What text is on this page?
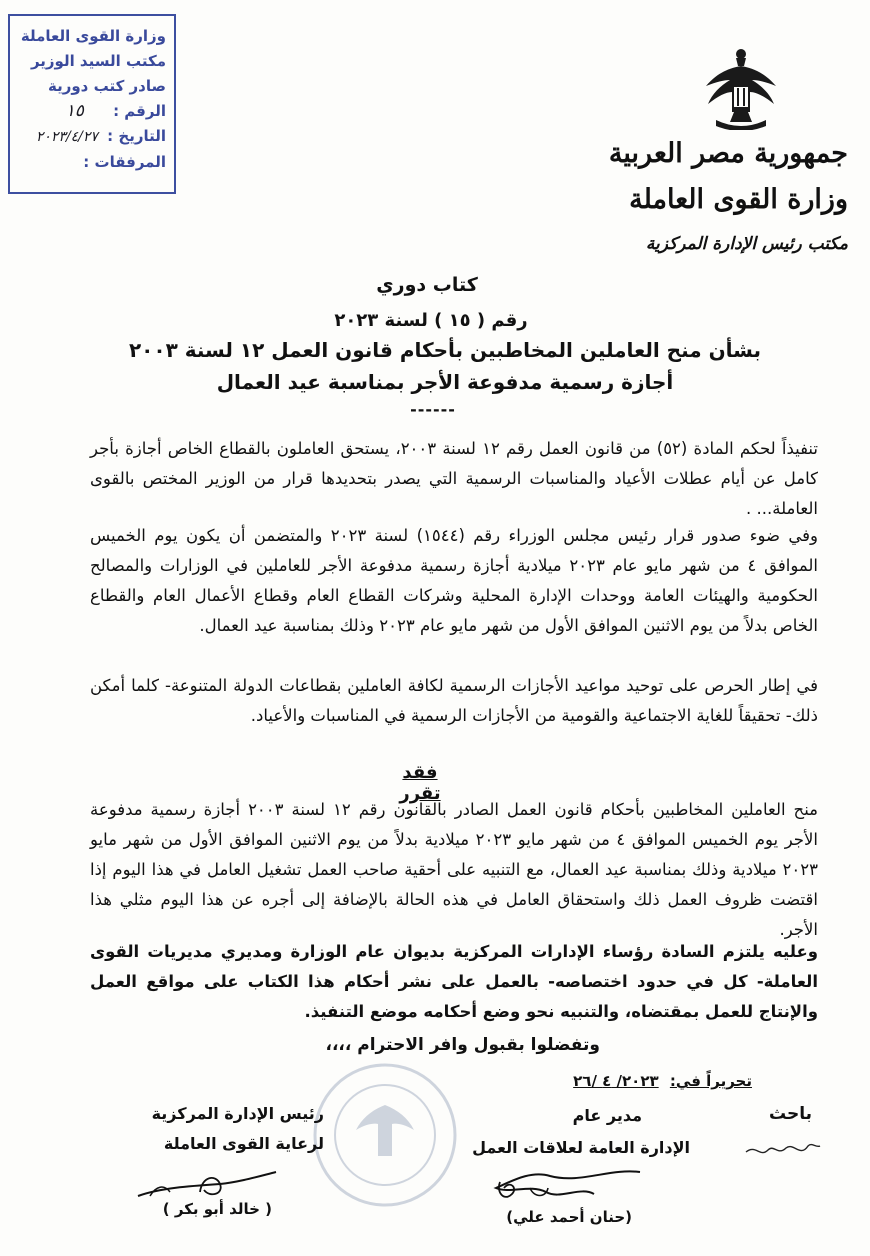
وزارة القوى العاملة
مكتب السيد الوزير
صادر كتب دورية
الرقم : ١٥
التاريخ : ٢٠٢٣/٤/٢٧
المرفقات :	جمهورية مصر العربية
وزارة القوى العاملة
مكتب رئيس الإدارة المركزية
كتاب دوري
رقم ( ١٥ ) لسنة ٢٠٢٣
بشأن منح العاملين المخاطبين بأحكام قانون العمل ١٢ لسنة ٢٠٠٣
أجازة رسمية مدفوعة الأجر بمناسبة عيد العمال
------
تنفيذاً لحكم المادة (٥٢) من قانون العمل رقم ١٢ لسنة ٢٠٠٣، يستحق العاملون بالقطاع الخاص أجازة بأجر كامل عن أيام عطلات الأعياد والمناسبات الرسمية التي يصدر بتحديدها قرار من الوزير المختص بالقوى العاملة... .
وفي ضوء صدور قرار رئيس مجلس الوزراء رقم (١٥٤٤) لسنة ٢٠٢٣ والمتضمن أن يكون يوم الخميس الموافق ٤ من شهر مايو عام ٢٠٢٣ ميلادية أجازة رسمية مدفوعة الأجر للعاملين في الوزارات والمصالح الحكومية والهيئات العامة ووحدات الإدارة المحلية وشركات القطاع العام وقطاع الأعمال العام والقطاع الخاص بدلاً من يوم الاثنين الموافق الأول من شهر مايو عام ٢٠٢٣ وذلك بمناسبة عيد العمال.
في إطار الحرص على توحيد مواعيد الأجازات الرسمية لكافة العاملين بقطاعات الدولة المتنوعة- كلما أمكن ذلك- تحقيقاً للغاية الاجتماعية والقومية من الأجازات الرسمية في المناسبات والأعياد.
فقد تقرر
منح العاملين المخاطبين بأحكام قانون العمل الصادر بالقانون رقم ١٢ لسنة ٢٠٠٣ أجازة رسمية مدفوعة الأجر يوم الخميس الموافق ٤ من شهر مايو ٢٠٢٣ ميلادية بدلاً من يوم الاثنين الموافق الأول من شهر مايو ٢٠٢٣ ميلادية وذلك بمناسبة عيد العمال، مع التنبيه على أحقية صاحب العمل تشغيل العامل في هذا اليوم إذا اقتضت ظروف العمل ذلك واستحقاق العامل في هذه الحالة بالإضافة إلى أجره عن هذا اليوم مثلي هذا الأجر.
وعليه يلتزم السادة رؤساء الإدارات المركزية بديوان عام الوزارة ومديري مديريات القوى العاملة- كل في حدود اختصاصه- بالعمل على نشر أحكام هذا الكتاب على مواقع العمل والإنتاج للعمل بمقتضاه، والتنبيه نحو وضع أحكامه موضع التنفيذ.
وتفضلوا بقبول وافر الاحترام ،،،،
تحريراً في: ٢٠٢٣/ ٤ /٢٦
باحث
مدير عام
الإدارة العامة لعلاقات العمل
(حنان أحمد علي)
رئيس الإدارة المركزية
لرعاية القوى العاملة
( خالد أبو بكر )
